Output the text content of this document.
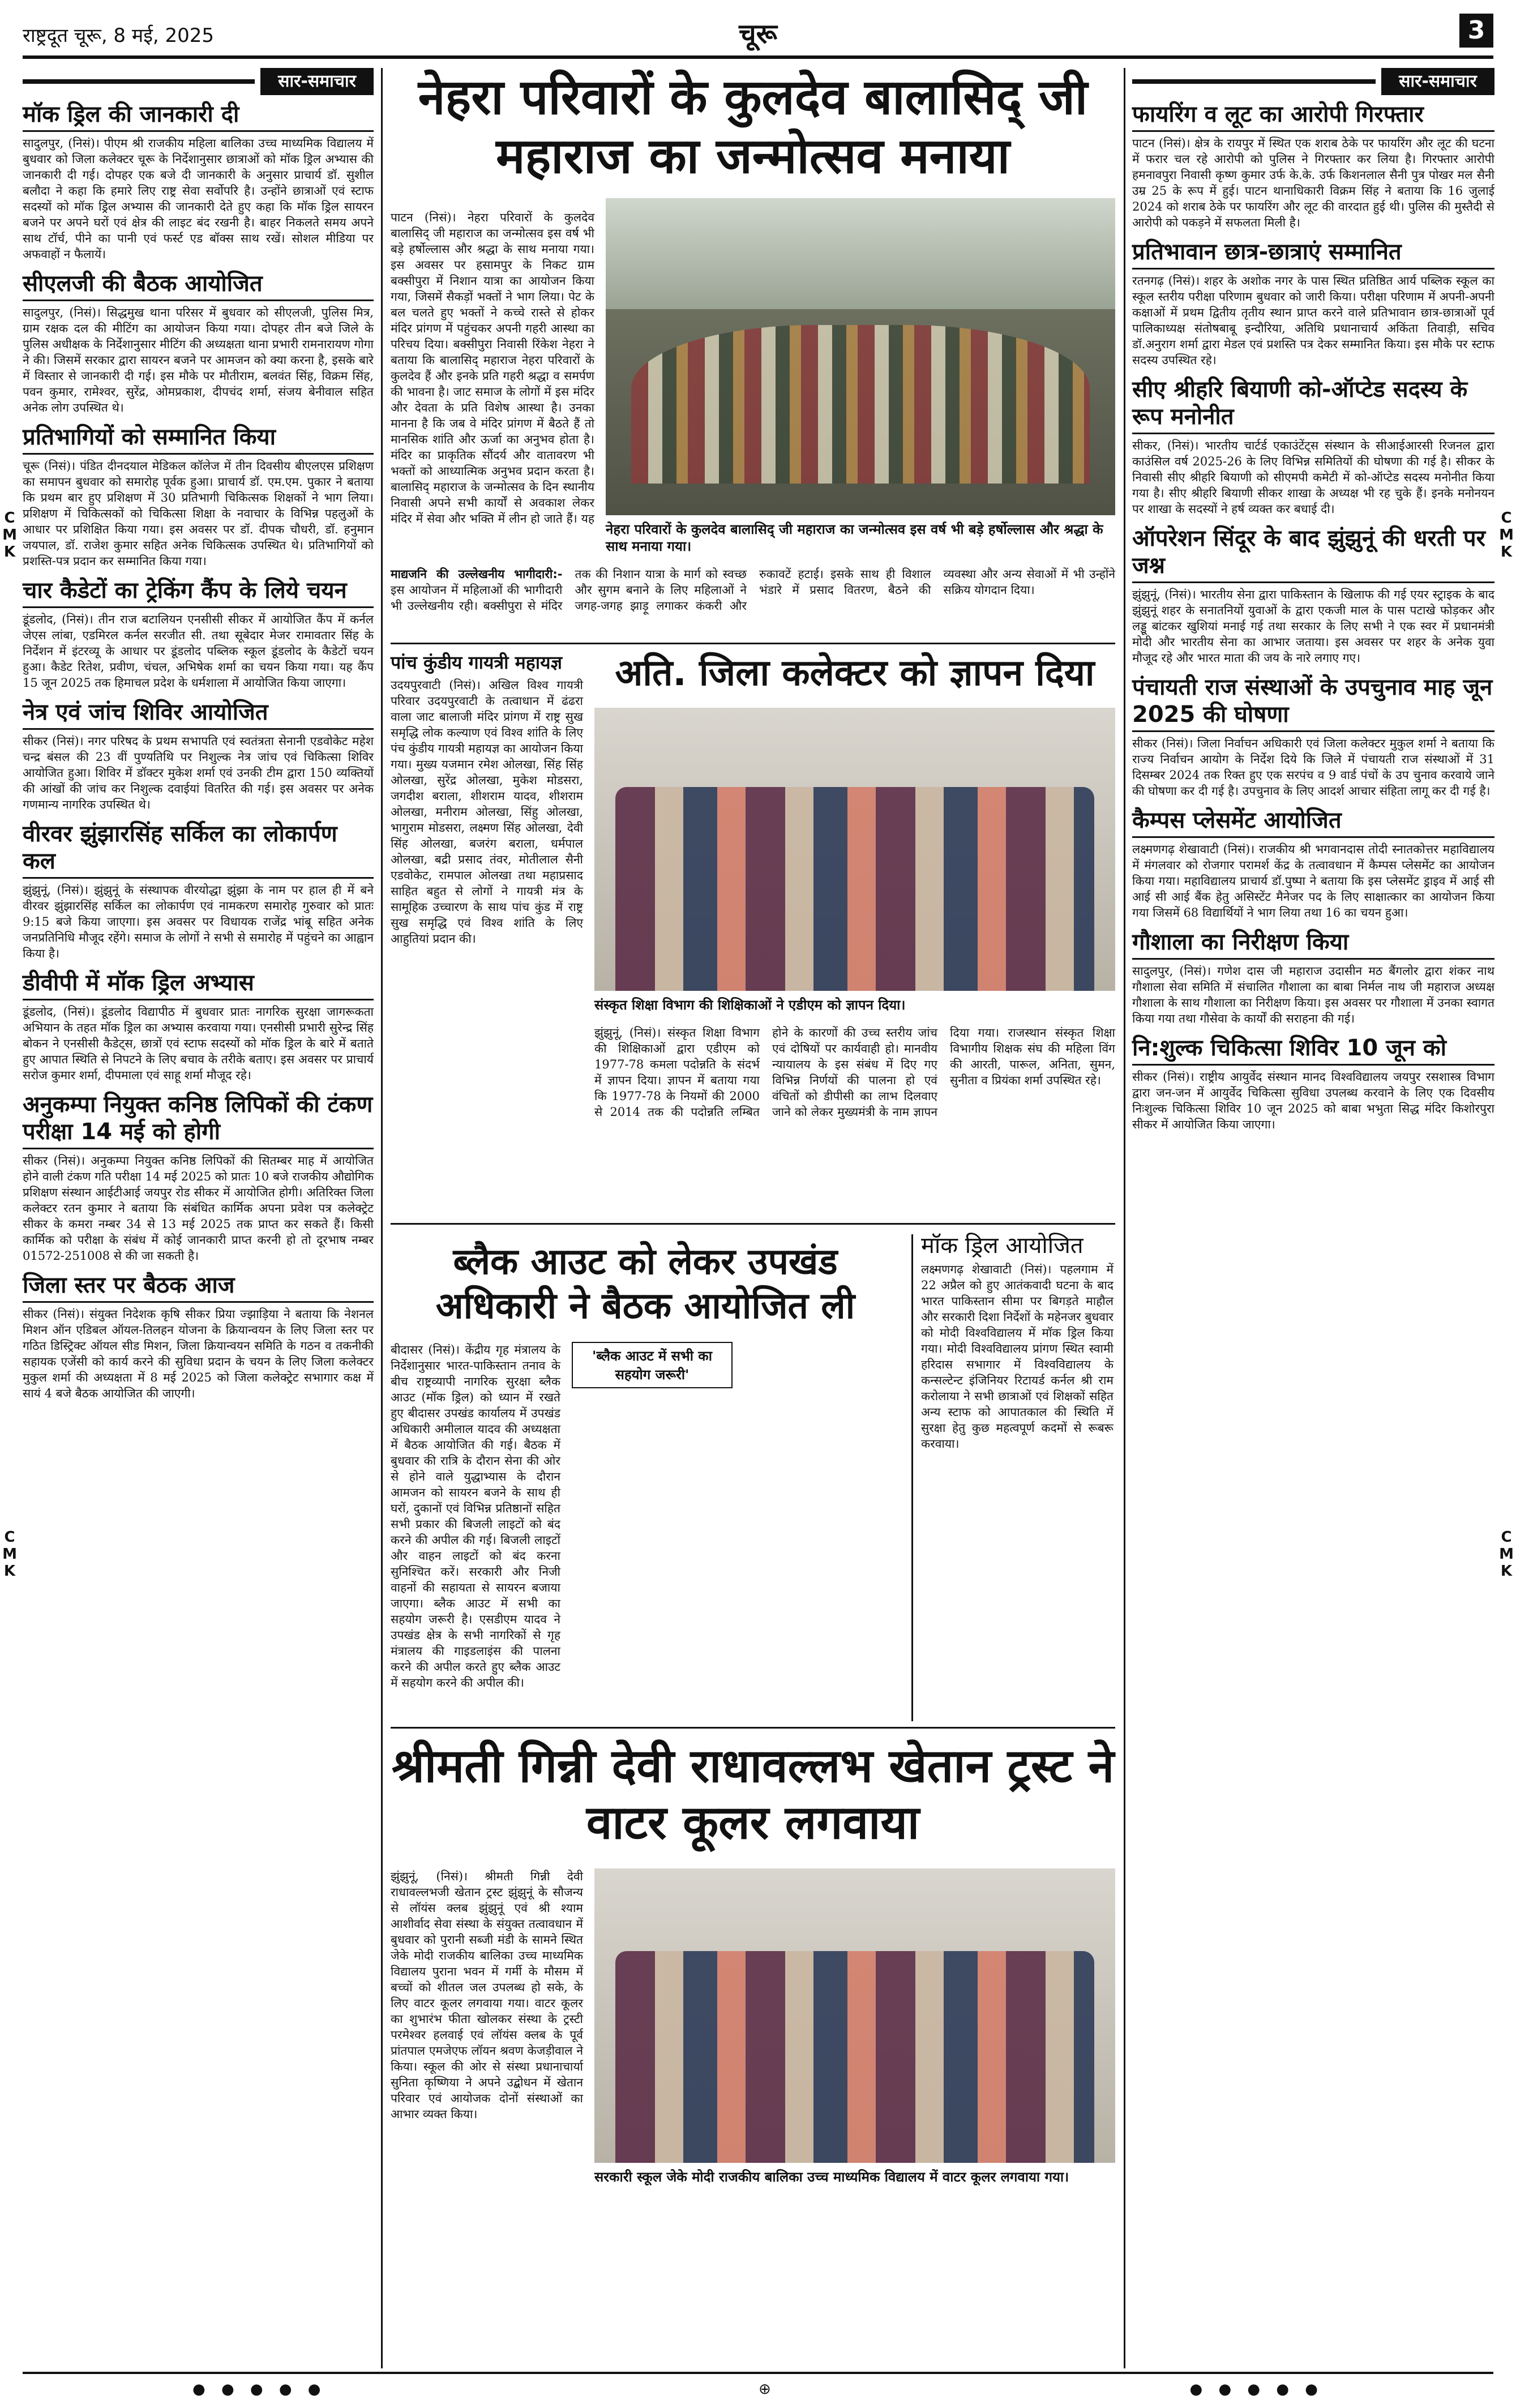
राष्ट्रदूत चूरू, 8 मई, 2025	चूरू	3
C
M
K
C
M
K
C
M
K
C
M
K
सार-समाचार
मॉक ड्रिल की जानकारी दी

सादुलपुर, (निसं)। पीएम श्री राजकीय महिला बालिका उच्च माध्यमिक विद्यालय में बुधवार को जिला कलेक्टर चूरू के निर्देशानुसार छात्राओं को मॉक ड्रिल अभ्यास की जानकारी दी गई। दोपहर एक बजे दी जानकारी के अनुसार प्राचार्य डॉ. सुशील बलौदा ने कहा कि हमारे लिए राष्ट्र सेवा सर्वोपरि है। उन्होंने छात्राओं एवं स्टाफ सदस्यों को मॉक ड्रिल अभ्यास की जानकारी देते हुए कहा कि मॉक ड्रिल सायरन बजने पर अपने घरों एवं क्षेत्र की लाइट बंद रखनी है। बाहर निकलते समय अपने साथ टॉर्च, पीने का पानी एवं फर्स्ट एड बॉक्स साथ रखें। सोशल मीडिया पर अफवाहों न फैलायें।

सीएलजी की बैठक आयोजित

सादुलपुर, (निसं)। सिद्धमुख थाना परिसर में बुधवार को सीएलजी, पुलिस मित्र, ग्राम रक्षक दल की मीटिंग का आयोजन किया गया। दोपहर तीन बजे जिले के पुलिस अधीक्षक के निर्देशानुसार मीटिंग की अध्यक्षता थाना प्रभारी रामनारायण गोगा ने की। जिसमें सरकार द्वारा सायरन बजने पर आमजन को क्या करना है, इसके बारे में विस्तार से जानकारी दी गई। इस मौके पर मौतीराम, बलवंत सिंह, विक्रम सिंह, पवन कुमार, रामेश्वर, सुरेंद्र, ओमप्रकाश, दीपचंद शर्मा, संजय बेनीवाल सहित अनेक लोग उपस्थित थे।

प्रतिभागियों को सम्मानित किया

चूरू (निसं)। पंडित दीनदयाल मेडिकल कॉलेज में तीन दिवसीय बीएलएस प्रशिक्षण का समापन बुधवार को समारोह पूर्वक हुआ। प्राचार्य डॉ. एम.एम. पुकार ने बताया कि प्रथम बार हुए प्रशिक्षण में 30 प्रतिभागी चिकित्सक शिक्षकों ने भाग लिया। प्रशिक्षण में चिकित्सकों को चिकित्सा शिक्षा के नवाचार के विभिन्न पहलुओं के आधार पर प्रशिक्षित किया गया। इस अवसर पर डॉ. दीपक चौधरी, डॉ. हनुमान जयपाल, डॉ. राजेश कुमार सहित अनेक चिकित्सक उपस्थित थे। प्रतिभागियों को प्रशस्ति-पत्र प्रदान कर सम्मानित किया गया।

चार कैडेटों का ट्रेकिंग कैंप के लिये चयन

डूंडलोद, (निसं)। तीन राज बटालियन एनसीसी सीकर में आयोजित कैंप में कर्नल जेएस लांबा, एडमिरल कर्नल सरजीत सी. तथा सूबेदार मेजर रामावतार सिंह के निर्देशन में इंटरव्यू के आधार पर डूंडलोद पब्लिक स्कूल डूंडलोद के कैडेटों चयन हुआ। कैडेट रितेश, प्रवीण, चंचल, अभिषेक शर्मा का चयन किया गया। यह कैंप 15 जून 2025 तक हिमाचल प्रदेश के धर्मशाला में आयोजित किया जाएगा।

नेत्र एवं जांच शिविर आयोजित

सीकर (निसं)। नगर परिषद के प्रथम सभापति एवं स्वतंत्रता सेनानी एडवोकेट महेश चन्द्र बंसल की 23 वीं पुण्यतिथि पर निशुल्क नेत्र जांच एवं चिकित्सा शिविर आयोजित हुआ। शिविर में डॉक्टर मुकेश शर्मा एवं उनकी टीम द्वारा 150 व्यक्तियों की आंखों की जांच कर निशुल्क दवाईयां वितरित की गई। इस अवसर पर अनेक गणमान्य नागरिक उपस्थित थे।

वीरवर झुंझारसिंह सर्किल का लोकार्पण कल

झुंझुनूं, (निसं)। झुंझुनूं के संस्थापक वीरयोद्धा झुंझा के नाम पर हाल ही में बने वीरवर झुंझारसिंह सर्किल का लोकार्पण एवं नामकरण समारोह गुरुवार को प्रातः 9:15 बजे किया जाएगा। इस अवसर पर विधायक राजेंद्र भांबू सहित अनेक जनप्रतिनिधि मौजूद रहेंगे। समाज के लोगों ने सभी से समारोह में पहुंचने का आह्वान किया है।

डीवीपी में मॉक ड्रिल अभ्यास

डूंडलोद, (निसं)। डूंडलोद विद्यापीठ में बुधवार प्रातः नागरिक सुरक्षा जागरूकता अभियान के तहत मॉक ड्रिल का अभ्यास करवाया गया। एनसीसी प्रभारी सुरेन्द्र सिंह बोकन ने एनसीसी कैडेट्स, छात्रों एवं स्टाफ सदस्यों को मॉक ड्रिल के बारे में बताते हुए आपात स्थिति से निपटने के लिए बचाव के तरीके बताए। इस अवसर पर प्राचार्य सरोज कुमार शर्मा, दीपमाला एवं साहू शर्मा मौजूद रहे।

अनुकम्पा नियुक्त कनिष्ठ लिपिकों की टंकण परीक्षा 14 मई को होगी

सीकर (निसं)। अनुकम्पा नियुक्त कनिष्ठ लिपिकों की सितम्बर माह में आयोजित होने वाली टंकण गति परीक्षा 14 मई 2025 को प्रातः 10 बजे राजकीय औद्योगिक प्रशिक्षण संस्थान आईटीआई जयपुर रोड सीकर में आयोजित होगी। अतिरिक्त जिला कलेक्टर रतन कुमार ने बताया कि संबंधित कार्मिक अपना प्रवेश पत्र कलेक्ट्रेट सीकर के कमरा नम्बर 34 से 13 मई 2025 तक प्राप्त कर सकते हैं। किसी कार्मिक को परीक्षा के संबंध में कोई जानकारी प्राप्त करनी हो तो दूरभाष नम्बर 01572-251008 से की जा सकती है।

जिला स्तर पर बैठक आज

सीकर (निसं)। संयुक्त निदेशक कृषि सीकर प्रिया ज्झाड़िया ने बताया कि नेशनल मिशन ऑन एडिबल ऑयल-तिलहन योजना के क्रियान्वयन के लिए जिला स्तर पर गठित डिस्ट्रिक्ट ऑयल सीड मिशन, जिला क्रियान्वयन समिति के गठन व तकनीकी सहायक एजेंसी को कार्य करने की सुविधा प्रदान के चयन के लिए जिला कलेक्टर मुकुल शर्मा की अध्यक्षता में 8 मई 2025 को जिला कलेक्ट्रेट सभागार कक्ष में सायं 4 बजे बैठक आयोजित की जाएगी।

नेहरा परिवारों के कुलदेव बालासिद् जी महाराज का जन्मोत्सव मनाया
पाटन (निसं)। नेहरा परिवारों के कुलदेव बालासिद् जी महाराज का जन्मोत्सव इस वर्ष भी बड़े हर्षोल्लास और श्रद्धा के साथ मनाया गया। इस अवसर पर हसामपुर के निकट ग्राम बक्सीपुरा में निशान यात्रा का आयोजन किया गया, जिसमें सैकड़ों भक्तों ने भाग लिया। पेट के बल चलते हुए भक्तों ने कच्चे रास्ते से होकर मंदिर प्रांगण में पहुंचकर अपनी गहरी आस्था का परिचय दिया। बक्सीपुरा निवासी रिंकेश नेहरा ने बताया कि बालासिद् महाराज नेहरा परिवारों के कुलदेव हैं और इनके प्रति गहरी श्रद्धा व समर्पण की भावना है। जाट समाज के लोगों में इस मंदिर और देवता के प्रति विशेष आस्था है। उनका मानना है कि जब वे मंदिर प्रांगण में बैठते हैं तो मानसिक शांति और ऊर्जा का अनुभव होता है। मंदिर का प्राकृतिक सौंदर्य और वातावरण भी भक्तों को आध्यात्मिक अनुभव प्रदान करता है। बालासिद् महाराज के जन्मोत्सव के दिन स्थानीय निवासी अपने सभी कार्यों से अवकाश लेकर मंदिर में सेवा और भक्ति में लीन हो जाते हैं। यह
नेहरा परिवारों के कुलदेव बालासिद् जी महाराज का जन्मोत्सव इस वर्ष भी बड़े हर्षोल्लास और श्रद्धा के साथ मनाया गया।
माद्यजनि की उल्लेखनीय भागीदारी:- इस आयोजन में महिलाओं की भागीदारी भी उल्लेखनीय रही। बक्सीपुरा से मंदिर तक की निशान यात्रा के मार्ग को स्वच्छ और सुगम बनाने के लिए महिलाओं ने जगह-जगह झाड़ू लगाकर कंकरी और रुकावटें हटाई। इसके साथ ही विशाल भंडारे में प्रसाद वितरण, बैठने की व्यवस्था और अन्य सेवाओं में भी उन्होंने सक्रिय योगदान दिया।
पांच कुंडीय गायत्री महायज्ञ
उदयपुरवाटी (निसं)। अखिल विश्व गायत्री परिवार उदयपुरवाटी के तत्वाधान में ढंढरा वाला जाट बालाजी मंदिर प्रांगण में राष्ट्र सुख समृद्धि लोक कल्याण एवं विश्व शांति के लिए पंच कुंडीय गायत्री महायज्ञ का आयोजन किया गया। मुख्य यजमान रमेश ओलखा, सिंह सिंह ओलखा, सुरेंद्र ओलखा, मुकेश मोडसरा, जगदीश बराला, शीशराम यादव, शीशराम ओलखा, मनीराम ओलखा, सिंहु ओलखा, भागुराम मोडसरा, लक्ष्मण सिंह ओलखा, देवी सिंह ओलखा, बजरंग बराला, धर्मपाल ओलखा, बद्री प्रसाद तंवर, मोतीलाल सैनी एडवोकेट, रामपाल ओलखा तथा महाप्रसाद साहित बहुत से लोगों ने गायत्री मंत्र के सामूहिक उच्चारण के साथ पांच कुंड में राष्ट्र सुख समृद्धि एवं विश्व शांति के लिए आहुतियां प्रदान की।
अति. जिला कलेक्टर को ज्ञापन दिया
संस्कृत शिक्षा विभाग की शिक्षिकाओं ने एडीएम को ज्ञापन दिया।
झुंझुनूं, (निसं)। संस्कृत शिक्षा विभाग की शिक्षिकाओं द्वारा एडीएम को 1977-78 कमला पदोन्नति के संदर्भ में ज्ञापन दिया। ज्ञापन में बताया गया कि 1977-78 के नियमों की 2000 से 2014 तक की पदोन्नति लम्बित होने के कारणों की उच्च स्तरीय जांच एवं दोषियों पर कार्यवाही हो। मानवीय न्यायालय के इस संबंध में दिए गए विभिन्न निर्णयों की पालना हो एवं वंचितों को डीपीसी का लाभ दिलवाए जाने को लेकर मुख्यमंत्री के नाम ज्ञापन दिया गया। राजस्थान संस्कृत शिक्षा विभागीय शिक्षक संघ की महिला विंग की आरती, पारूल, अनिता, सुमन, सुनीता व प्रियंका शर्मा उपस्थित रहे।
ब्लैक आउट को लेकर उपखंड अधिकारी ने बैठक आयोजित ली
'ब्लैक आउट में सभी का सहयोग जरूरी'
बीदासर (निसं)। केंद्रीय गृह मंत्रालय के निर्देशानुसार भारत-पाकिस्तान तनाव के बीच राष्ट्रव्यापी नागरिक सुरक्षा ब्लैक आउट (मॉक ड्रिल) को ध्यान में रखते हुए बीदासर उपखंड कार्यालय में उपखंड अधिकारी अमीलाल यादव की अध्यक्षता में बैठक आयोजित की गई। बैठक में बुधवार की रात्रि के दौरान सेना की ओर से होने वाले युद्धाभ्यास के दौरान आमजन को सायरन बजने के साथ ही घरों, दुकानों एवं विभिन्न प्रतिष्ठानों सहित सभी प्रकार की बिजली लाइटों को बंद करने की अपील की गई। बिजली लाइटों और वाहन लाइटों को बंद करना सुनिश्चित करें। सरकारी और निजी वाहनों की सहायता से सायरन बजाया जाएगा। ब्लैक आउट में सभी का सहयोग जरूरी है। एसडीएम यादव ने उपखंड क्षेत्र के सभी नागरिकों से गृह मंत्रालय की गाइडलाइंस की पालना करने की अपील करते हुए ब्लैक आउट में सहयोग करने की अपील की।
मॉक ड्रिल आयोजित
लक्ष्मणगढ़ शेखावाटी (निसं)। पहलगाम में 22 अप्रैल को हुए आतंकवादी घटना के बाद भारत पाकिस्तान सीमा पर बिगड़ते माहौल और सरकारी दिशा निर्देशों के महेनजर बुधवार को मोदी विश्वविद्यालय में मॉक ड्रिल किया गया। मोदी विश्वविद्यालय प्रांगण स्थित स्वामी हरिदास सभागार में विश्वविद्यालय के कन्सल्टेन्ट इंजिनियर रिटायर्ड कर्नल श्री राम करोलाया ने सभी छात्राओं एवं शिक्षकों सहित अन्य स्टाफ को आपातकाल की स्थिति में सुरक्षा हेतु कुछ महत्वपूर्ण कदमों से रूबरू करवाया।
श्रीमती गिन्नी देवी राधावल्लभ खेतान ट्रस्ट ने वाटर कूलर लगवाया
झुंझुनूं, (निसं)। श्रीमती गिन्नी देवी राधावल्लभजी खेतान ट्रस्ट झुंझुनूं के सौजन्य से लॉयंस क्लब झुंझुनूं एवं श्री श्याम आशीर्वाद सेवा संस्था के संयुक्त तत्वावधान में बुधवार को पुरानी सब्जी मंडी के सामने स्थित जेके मोदी राजकीय बालिका उच्च माध्यमिक विद्यालय पुराना भवन में गर्मी के मौसम में बच्चों को शीतल जल उपलब्ध हो सके, के लिए वाटर कूलर लगवाया गया। वाटर कूलर का शुभारंभ फीता खोलकर संस्था के ट्रस्टी परमेश्वर हलवाई एवं लॉयंस क्लब के पूर्व प्रांतपाल एमजेएफ लॉयन श्रवण केजड़ीवाल ने किया। स्कूल की ओर से संस्था प्रधानाचार्या सुनिता कृष्णिया ने अपने उद्बोधन में खेतान परिवार एवं आयोजक दोनों संस्थाओं का आभार व्यक्त किया।
सरकारी स्कूल जेके मोदी राजकीय बालिका उच्च माध्यमिक विद्यालय में वाटर कूलर लगवाया गया।
सार-समाचार
फायरिंग व लूट का आरोपी गिरफ्तार

पाटन (निसं)। क्षेत्र के रायपुर में स्थित एक शराब ठेके पर फायरिंग और लूट की घटना में फरार चल रहे आरोपी को पुलिस ने गिरफ्तार कर लिया है। गिरफ्तार आरोपी हमनावपुरा निवासी कृष्ण कुमार उर्फ के.के. उर्फ किशनलाल सैनी पुत्र पोखर मल सैनी उम्र 25 के रूप में हुई। पाटन थानाधिकारी विक्रम सिंह ने बताया कि 16 जुलाई 2024 को शराब ठेके पर फायरिंग और लूट की वारदात हुई थी। पुलिस की मुस्तैदी से आरोपी को पकड़ने में सफलता मिली है।

प्रतिभावान छात्र-छात्राएं सम्मानित

रतनगढ़ (निसं)। शहर के अशोक नगर के पास स्थित प्रतिष्ठित आर्य पब्लिक स्कूल का स्कूल स्तरीय परीक्षा परिणाम बुधवार को जारी किया। परीक्षा परिणाम में अपनी-अपनी कक्षाओं में प्रथम द्वितीय तृतीय स्थान प्राप्त करने वाले प्रतिभावान छात्र-छात्राओं पूर्व पालिकाध्यक्ष संतोषबाबू इन्दौरिया, अतिथि प्रधानाचार्य अकिंता तिवाड़ी, सचिव डॉ.अनुराग शर्मा द्वारा मेडल एवं प्रशस्ति पत्र देकर सम्मानित किया। इस मौके पर स्टाफ सदस्य उपस्थित रहे।

सीए श्रीहरि बियाणी को-ऑप्टेड सदस्य के रूप मनोनीत

सीकर, (निसं)। भारतीय चार्टर्ड एकाउंटेंट्स संस्थान के सीआईआरसी रिजनल द्वारा काउंसिल वर्ष 2025-26 के लिए विभिन्न समितियों की घोषणा की गई है। सीकर के निवासी सीए श्रीहरि बियाणी को सीएमपी कमेटी में को-ऑप्टेड सदस्य मनोनीत किया गया है। सीए श्रीहरि बियाणी सीकर शाखा के अध्यक्ष भी रह चुके हैं। इनके मनोनयन पर शाखा के सदस्यों ने हर्ष व्यक्त कर बधाई दी।

ऑपरेशन सिंदूर के बाद झुंझुनूं की धरती पर जश्न

झुंझुनूं, (निसं)। भारतीय सेना द्वारा पाकिस्तान के खिलाफ की गई एयर स्ट्राइक के बाद झुंझुनूं शहर के सनातनियों युवाओं के द्वारा एकजी माल के पास पटाखे फोड़कर और लड्डू बांटकर खुशियां मनाई गई तथा सरकार के लिए सभी ने एक स्वर में प्रधानमंत्री मोदी और भारतीय सेना का आभार जताया। इस अवसर पर शहर के अनेक युवा मौजूद रहे और भारत माता की जय के नारे लगाए गए।

पंचायती राज संस्थाओं के उपचुनाव माह जून 2025 की घोषणा

सीकर (निसं)। जिला निर्वाचन अधिकारी एवं जिला कलेक्टर मुकुल शर्मा ने बताया कि राज्य निर्वाचन आयोग के निर्देश दिये कि जिले में पंचायती राज संस्थाओं में 31 दिसम्बर 2024 तक रिक्त हुए एक सरपंच व 9 वार्ड पंचों के उप चुनाव करवाये जाने की घोषणा कर दी गई है। उपचुनाव के लिए आदर्श आचार संहिता लागू कर दी गई है।

कैम्पस प्लेसमेंट आयोजित

लक्ष्मणगढ़ शेखावाटी (निसं)। राजकीय श्री भगवानदास तोदी स्नातकोत्तर महाविद्यालय में मंगलवार को रोजगार परामर्श केंद्र के तत्वावधान में कैम्पस प्लेसमेंट का आयोजन किया गया। महाविद्यालय प्राचार्य डॉ.पुष्पा ने बताया कि इस प्लेसमेंट ड्राइव में आई सी आई सी आई बैंक हेतु असिस्टेंट मैनेजर पद के लिए साक्षात्कार का आयोजन किया गया जिसमें 68 विद्यार्थियों ने भाग लिया तथा 16 का चयन हुआ।

गौशाला का निरीक्षण किया

सादुलपुर, (निसं)। गणेश दास जी महाराज उदासीन मठ बैंगलोर द्वारा शंकर नाथ गौशाला सेवा समिति में संचालित गौशाला का बाबा निर्मल नाथ जी महाराज अध्यक्ष गौशाला के साथ गौशाला का निरीक्षण किया। इस अवसर पर गौशाला में उनका स्वागत किया गया तथा गौसेवा के कार्यों की सराहना की गई।

नि:शुल्क चिकित्सा शिविर 10 जून को

सीकर (निसं)। राष्ट्रीय आयुर्वेद संस्थान मानद विश्वविद्यालय जयपुर रसशास्त्र विभाग द्वारा जन-जन में आयुर्वेद चिकित्सा सुविधा उपलब्ध करवाने के लिए एक दिवसीय निःशुल्क चिकित्सा शिविर 10 जून 2025 को बाबा भभुता सिद्ध मंदिर किशोरपुरा सीकर में आयोजित किया जाएगा।

● ● ● ● ●	⊕	● ● ● ● ●
